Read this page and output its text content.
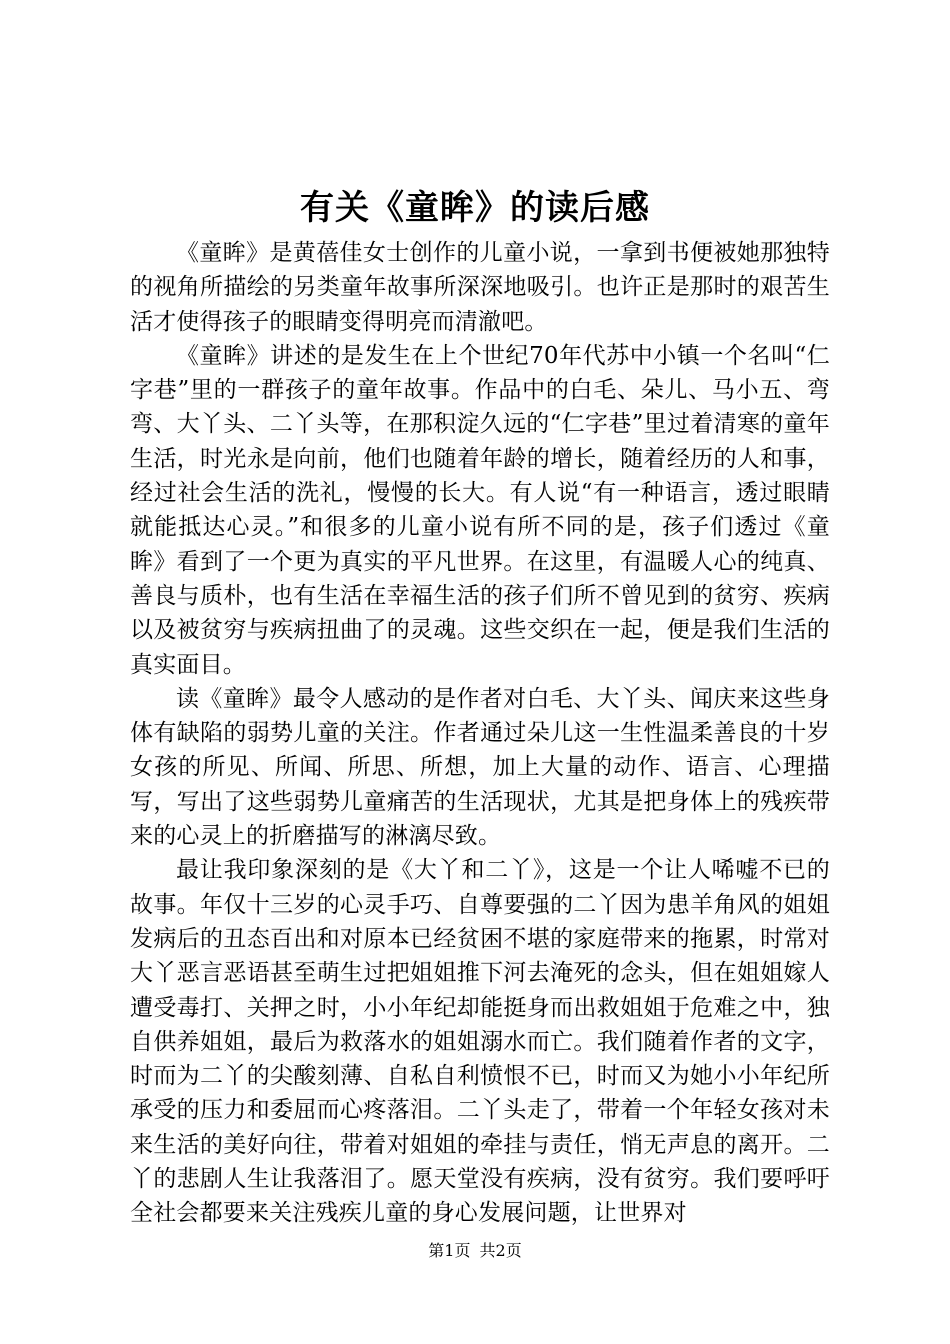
有关《童眸》的读后感

《童眸》是黄蓓佳女士创作的儿童小说，一拿到书便被她那独特的视角所描绘的另类童年故事所深深地吸引。也许正是那时的艰苦生活才使得孩子的眼睛变得明亮而清澈吧。

《童眸》讲述的是发生在上个世纪70年代苏中小镇一个名叫“仁字巷”里的一群孩子的童年故事。作品中的白毛、朵儿、马小五、弯弯、大丫头、二丫头等，在那积淀久远的“仁字巷”里过着清寒的童年生活，时光永是向前，他们也随着年龄的增长，随着经历的人和事，经过社会生活的洗礼，慢慢的长大。有人说“有一种语言，透过眼睛就能抵达心灵。”和很多的儿童小说有所不同的是，孩子们透过《童眸》看到了一个更为真实的平凡世界。在这里，有温暖人心的纯真、善良与质朴，也有生活在幸福生活的孩子们所不曾见到的贫穷、疾病以及被贫穷与疾病扭曲了的灵魂。这些交织在一起，便是我们生活的真实面目。

读《童眸》最令人感动的是作者对白毛、大丫头、闻庆来这些身体有缺陷的弱势儿童的关注。作者通过朵儿这一生性温柔善良的十岁女孩的所见、所闻、所思、所想，加上大量的动作、语言、心理描写，写出了这些弱势儿童痛苦的生活现状，尤其是把身体上的残疾带来的心灵上的折磨描写的淋漓尽致。

最让我印象深刻的是《大丫和二丫》，这是一个让人唏嘘不已的故事。年仅十三岁的心灵手巧、自尊要强的二丫因为患羊角风的姐姐发病后的丑态百出和对原本已经贫困不堪的家庭带来的拖累，时常对大丫恶言恶语甚至萌生过把姐姐推下河去淹死的念头，但在姐姐嫁人遭受毒打、关押之时，小小年纪却能挺身而出救姐姐于危难之中，独自供养姐姐，最后为救落水的姐姐溺水而亡。我们随着作者的文字，时而为二丫的尖酸刻薄、自私自利愤恨不已，时而又为她小小年纪所承受的压力和委屈而心疼落泪。二丫头走了，带着一个年轻女孩对未来生活的美好向往，带着对姐姐的牵挂与责任，悄无声息的离开。二丫的悲剧人生让我落泪了。愿天堂没有疾病，没有贫穷。我们要呼吁全社会都要来关注残疾儿童的身心发展问题，让世界对

第1页 共2页
